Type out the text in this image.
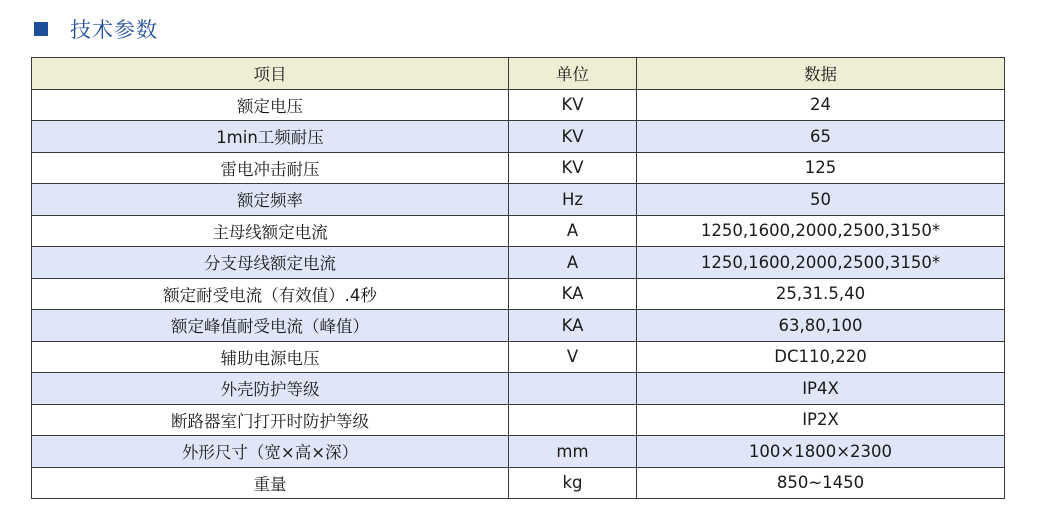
技术参数
项目	单位	数据
额定电压	KV	24
1min工频耐压	KV	65
雷电冲击耐压	KV	125
额定频率	Hz	50
主母线额定电流	A	1250,1600,2000,2500,3150*
分支母线额定电流	A	1250,1600,2000,2500,3150*
额定耐受电流（有效值）.4秒	KA	25,31.5,40
额定峰值耐受电流（峰值）	KA	63,80,100
辅助电源电压	V	DC110,220
外壳防护等级		IP4X
断路器室门打开时防护等级		IP2X
外形尺寸（宽×高×深）	mm	100×1800×2300
重量	kg	850~1450
